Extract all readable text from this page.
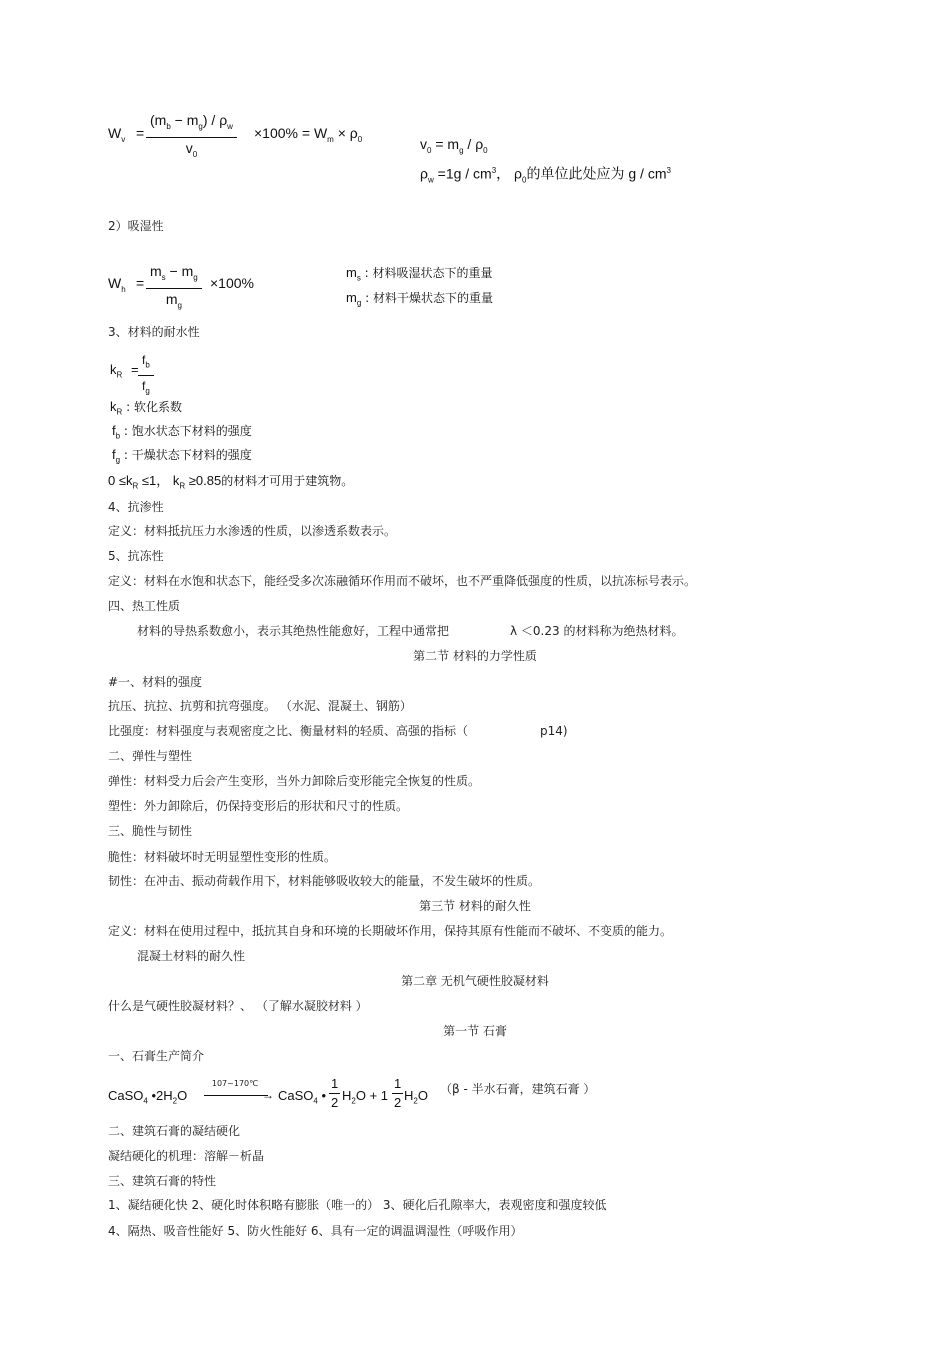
$W_v = \frac{(m_b - m_g) / \rho_w}{v_0} \times 100\% = W_m \times \rho_0$	$v_0 = m_g / \rho_0$
$\rho_w =1g / cm^3$， $\rho_0$的单位此处应为 g / $cm^3$
2）吸湿性
$W_h = \frac{m_s - m_g}{m_g} \times 100\%$
$m_s$ : 材料吸湿状态下的重量
$m_g$ : 材料干燥状态下的重量
3、材料的耐水性
$k_R = \frac{f_b}{f_g}$
$k_R$ : 软化系数
$f_b$ : 饱水状态下材料的强度
$f_g$ : 干燥状态下材料的强度
$0 \le k_R \le 1$， $k_R \ge 0.85$的材料才可用于建筑物。
4、抗渗性
定义：材料抵抗压力水渗透的性质，以渗透系数表示。
5、抗冻性
定义：材料在水饱和状态下，能经受多次冻融循环作用而不破坏，也不严重降低强度的性质，以抗冻标号表示。
四、热工性质
材料的导热系数愈小，表示其绝热性能愈好，工程中通常把	λ ＜0.23 的材料称为绝热材料。
第二节 材料的力学性质
#一、材料的强度
抗压、抗拉、抗剪和抗弯强度。 （水泥、混凝土、钢筋）
比强度：材料强度与表观密度之比、衡量材料的轻质、高强的指标（	p14)
二、弹性与塑性
弹性：材料受力后会产生变形，当外力卸除后变形能完全恢复的性质。
塑性：外力卸除后，仍保持变形后的形状和尺寸的性质。
三、脆性与韧性
脆性：材料破坏时无明显塑性变形的性质。
韧性：在冲击、振动荷载作用下，材料能够吸收较大的能量，不发生破坏的性质。
第三节 材料的耐久性
定义：材料在使用过程中，抵抗其自身和环境的长期破坏作用，保持其原有性能而不破坏、不变质的能力。
混凝土材料的耐久性
第二章 无机气硬性胶凝材料
什么是气硬性胶凝材料？、 （了解水凝胶材料 ）
第一节 石膏
一、石膏生产简介
CaSO$_4$ $•2H_2O$
107~170℃
→ CaSO$_4$ • $\frac{1}{2} H_2O + 1 \frac{1}{2} H_2O$ （β - 半水石膏，建筑石膏 ）
二、建筑石膏的凝结硬化
凝结硬化的机理：溶解－析晶
三、建筑石膏的特性
1、凝结硬化快 2、硬化时体积略有膨胀（唯一的） 3、硬化后孔隙率大，表观密度和强度较低
4、隔热、吸音性能好 5、防火性能好 6、具有一定的调温调湿性（呼吸作用）
